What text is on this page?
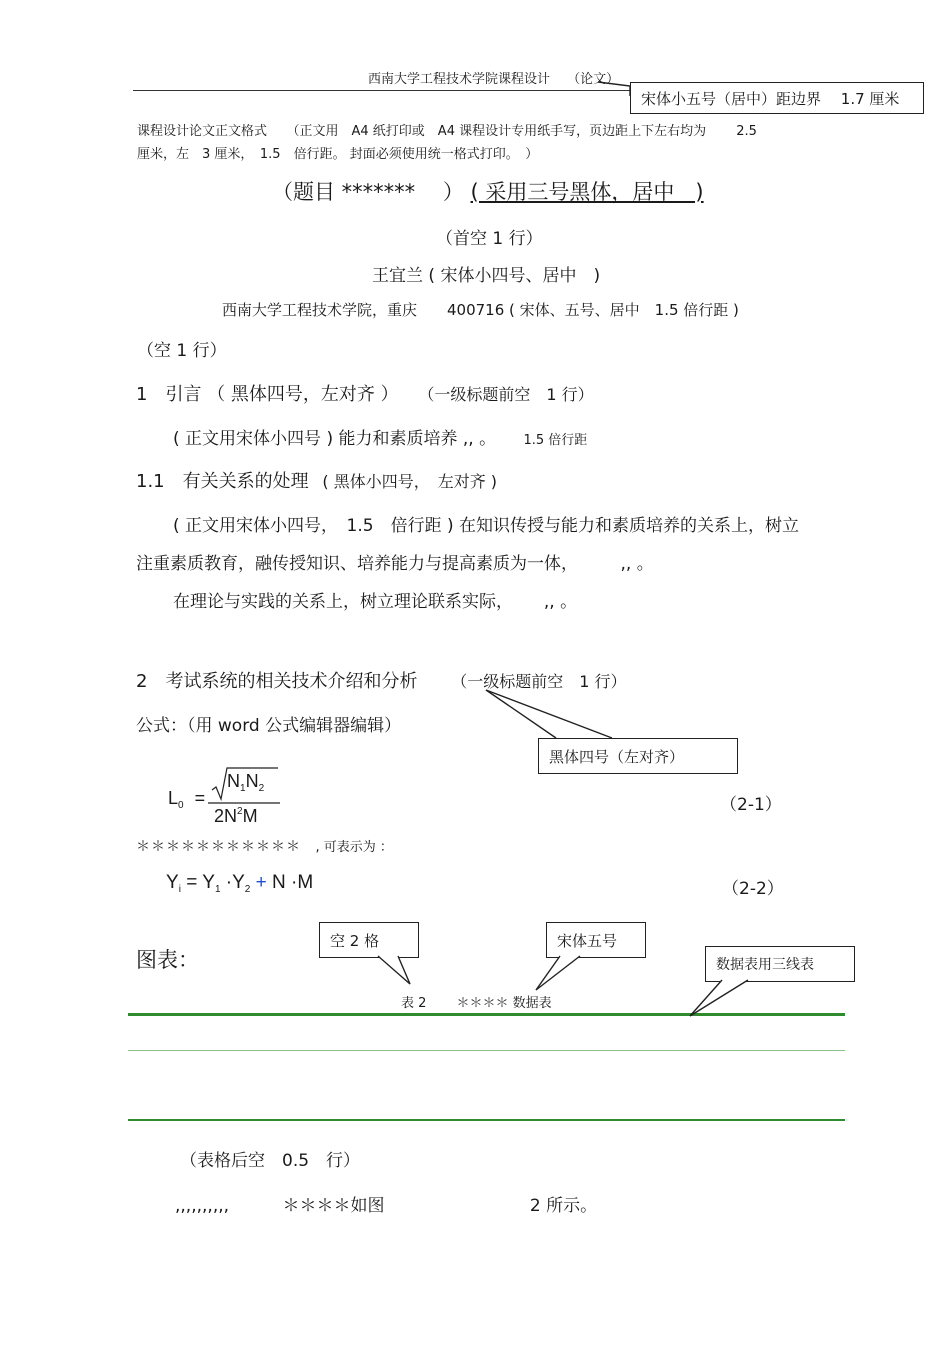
西南大学工程技术学院课程设计　 （论文）
宋体小五号（居中）距边界　 1.7 厘米
课程设计论文正文格式　　（正文用　A4 纸打印或　A4 课程设计专用纸手写，页边距上下左右均为　　 2.5
厘米，左　3 厘米，　1.5　倍行距。 封面必须使用统一格式打印。　）
（题目 *******　 ） ( 采用三号黑体，居中　)
（首空 1 行）
王宜兰 ( 宋体小四号、居中　)
西南大学工程技术学院，重庆　　400716 ( 宋体、五号、居中　1.5 倍行距 )
（空 1 行）
1　引言 （ 黑体四号，左对齐 ） （一级标题前空　1 行）
( 正文用宋体小四号 ) 能力和素质培养 ,, 。 1.5 倍行距
1.1　有关关系的处理 ( 黑体小四号，　左对齐 )
( 正文用宋体小四号，　1.5　倍行距 ) 在知识传授与能力和素质培养的关系上，树立
注重素质教育，融传授知识、培养能力与提高素质为一体，　　　,, 。
在理论与实践的关系上，树立理论联系实际，　　 ,, 。
2　考试系统的相关技术介绍和分析 （一级标题前空　1 行）
公式：（用 word 公式编辑器编辑）
黑体四号（左对齐）
$L_0$ =
$N_1N_2$
$2N^2M$
（2-1）
＊＊＊＊＊＊＊＊＊＊＊ , 可表示为 ：
$Y_i = Y_1 \cdot Y_2 + N \cdot M$	（2-2）
图表：
空 2 格	宋体五号
数据表用三线表
表 2　　 ＊＊＊＊ 数据表
（表格后空　0.5　行）
,,,,,,,,,,	＊＊＊＊如图	2 所示。
